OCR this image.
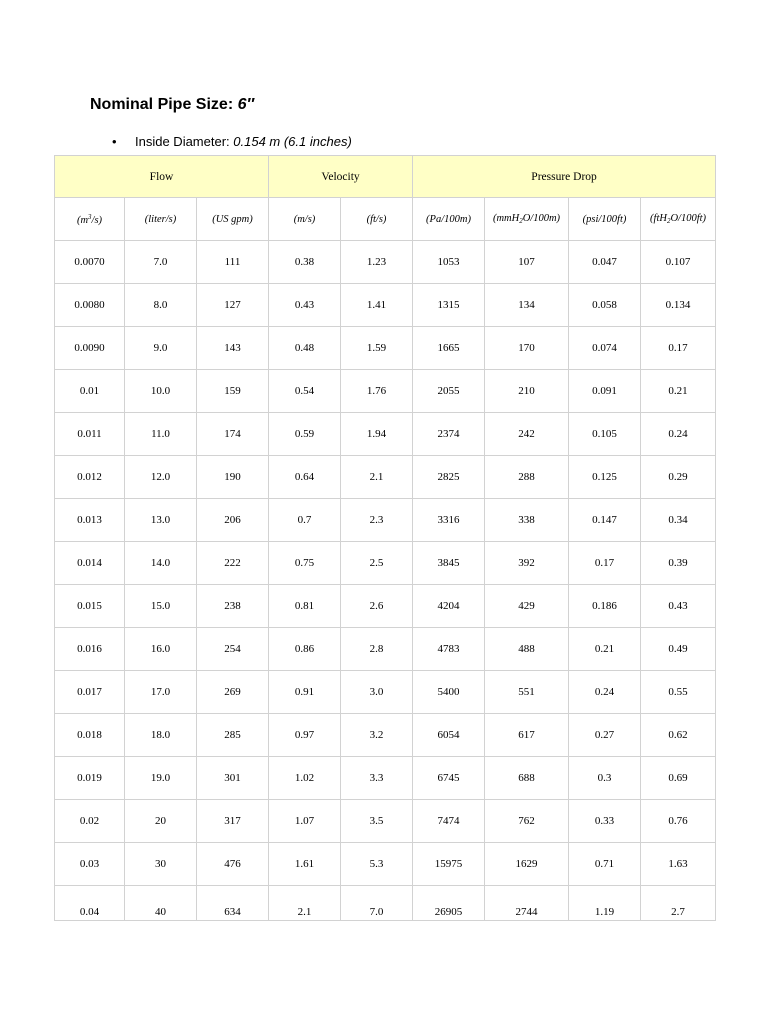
Nominal Pipe Size: 6″
• Inside Diameter: 0.154 m (6.1 inches)
Flow			Velocity		Pressure Drop			
$(m^3/s)$	(liter/s)	(US gpm)	(m/s)	(ft/s)	(Pa/100m)	(mmH$_2$O/100m)	(psi/100ft)	(ftH$_2$O/100ft)
0.0070	7.0	111	0.38	1.23	1053	107	0.047	0.107
0.0080	8.0	127	0.43	1.41	1315	134	0.058	0.134
0.0090	9.0	143	0.48	1.59	1665	170	0.074	0.17
0.01	10.0	159	0.54	1.76	2055	210	0.091	0.21
0.011	11.0	174	0.59	1.94	2374	242	0.105	0.24
0.012	12.0	190	0.64	2.1	2825	288	0.125	0.29
0.013	13.0	206	0.7	2.3	3316	338	0.147	0.34
0.014	14.0	222	0.75	2.5	3845	392	0.17	0.39
0.015	15.0	238	0.81	2.6	4204	429	0.186	0.43
0.016	16.0	254	0.86	2.8	4783	488	0.21	0.49
0.017	17.0	269	0.91	3.0	5400	551	0.24	0.55
0.018	18.0	285	0.97	3.2	6054	617	0.27	0.62
0.019	19.0	301	1.02	3.3	6745	688	0.3	0.69
0.02	20	317	1.07	3.5	7474	762	0.33	0.76
0.03	30	476	1.61	5.3	15975	1629	0.71	1.63
0.04	40	634	2.1	7.0	26905	2744	1.19	2.7
